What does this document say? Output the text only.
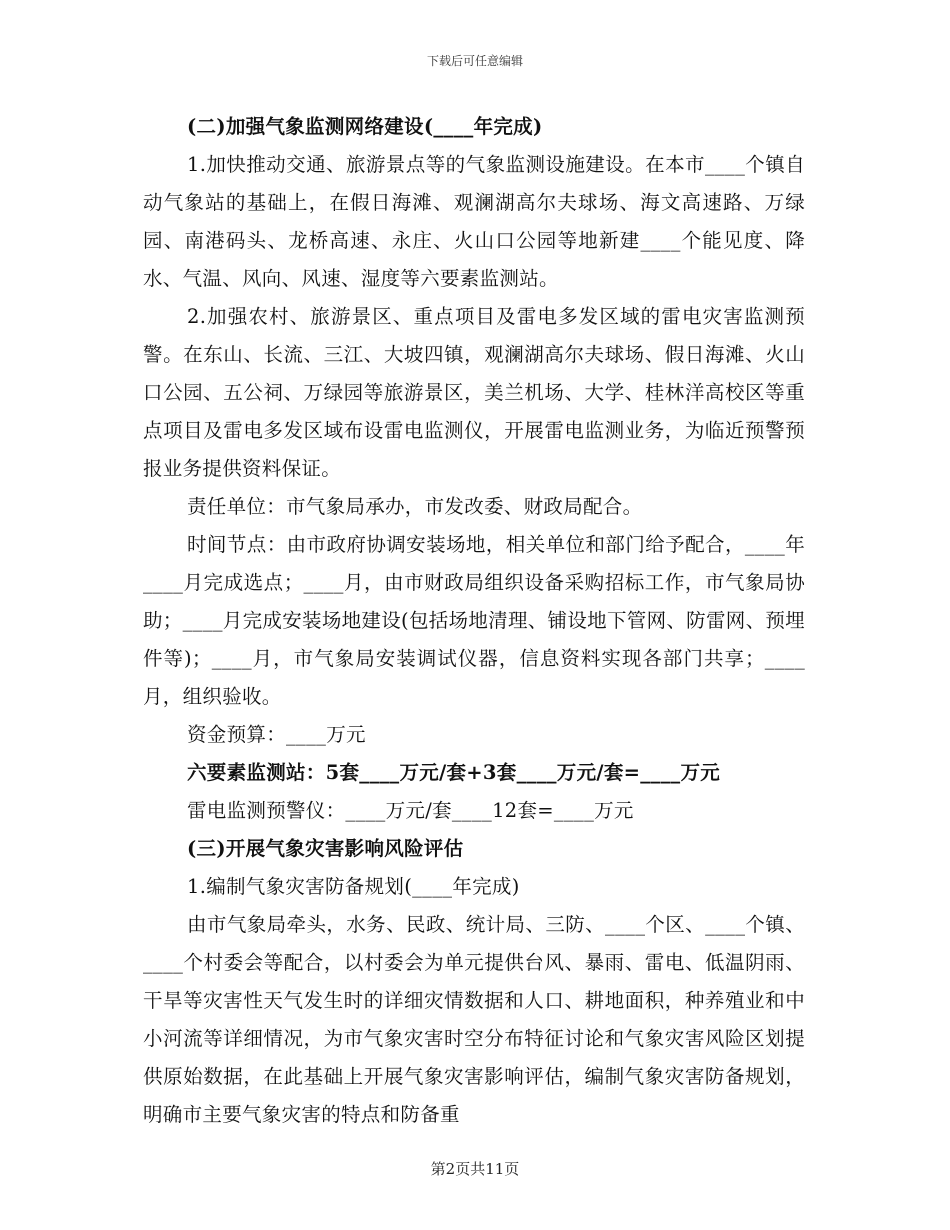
下载后可任意编辑

(二)加强气象监测网络建设(____年完成)

1.加快推动交通、旅游景点等的气象监测设施建设。在本市____个镇自动气象站的基础上，在假日海滩、观澜湖高尔夫球场、海文高速路、万绿园、南港码头、龙桥高速、永庄、火山口公园等地新建____个能见度、降水、气温、风向、风速、湿度等六要素监测站。

2.加强农村、旅游景区、重点项目及雷电多发区域的雷电灾害监测预警。在东山、长流、三江、大坡四镇，观澜湖高尔夫球场、假日海滩、火山口公园、五公祠、万绿园等旅游景区，美兰机场、大学、桂林洋高校区等重点项目及雷电多发区域布设雷电监测仪，开展雷电监测业务，为临近预警预报业务提供资料保证。

责任单位：市气象局承办，市发改委、财政局配合。

时间节点：由市政府协调安装场地，相关单位和部门给予配合，____年____月完成选点；____月，由市财政局组织设备采购招标工作，市气象局协助；____月完成安装场地建设(包括场地清理、铺设地下管网、防雷网、预埋件等)；____月，市气象局安装调试仪器，信息资料实现各部门共享；____月，组织验收。

资金预算：____万元

六要素监测站：5套____万元/套+3套____万元/套=____万元

雷电监测预警仪：____万元/套____12套=____万元

(三)开展气象灾害影响风险评估

1.编制气象灾害防备规划(____年完成)

由市气象局牵头，水务、民政、统计局、三防、____个区、____个镇、____个村委会等配合，以村委会为单元提供台风、暴雨、雷电、低温阴雨、干旱等灾害性天气发生时的详细灾情数据和人口、耕地面积，种养殖业和中小河流等详细情况，为市气象灾害时空分布特征讨论和气象灾害风险区划提供原始数据，在此基础上开展气象灾害影响评估，编制气象灾害防备规划，明确市主要气象灾害的特点和防备重

第2页共11页
